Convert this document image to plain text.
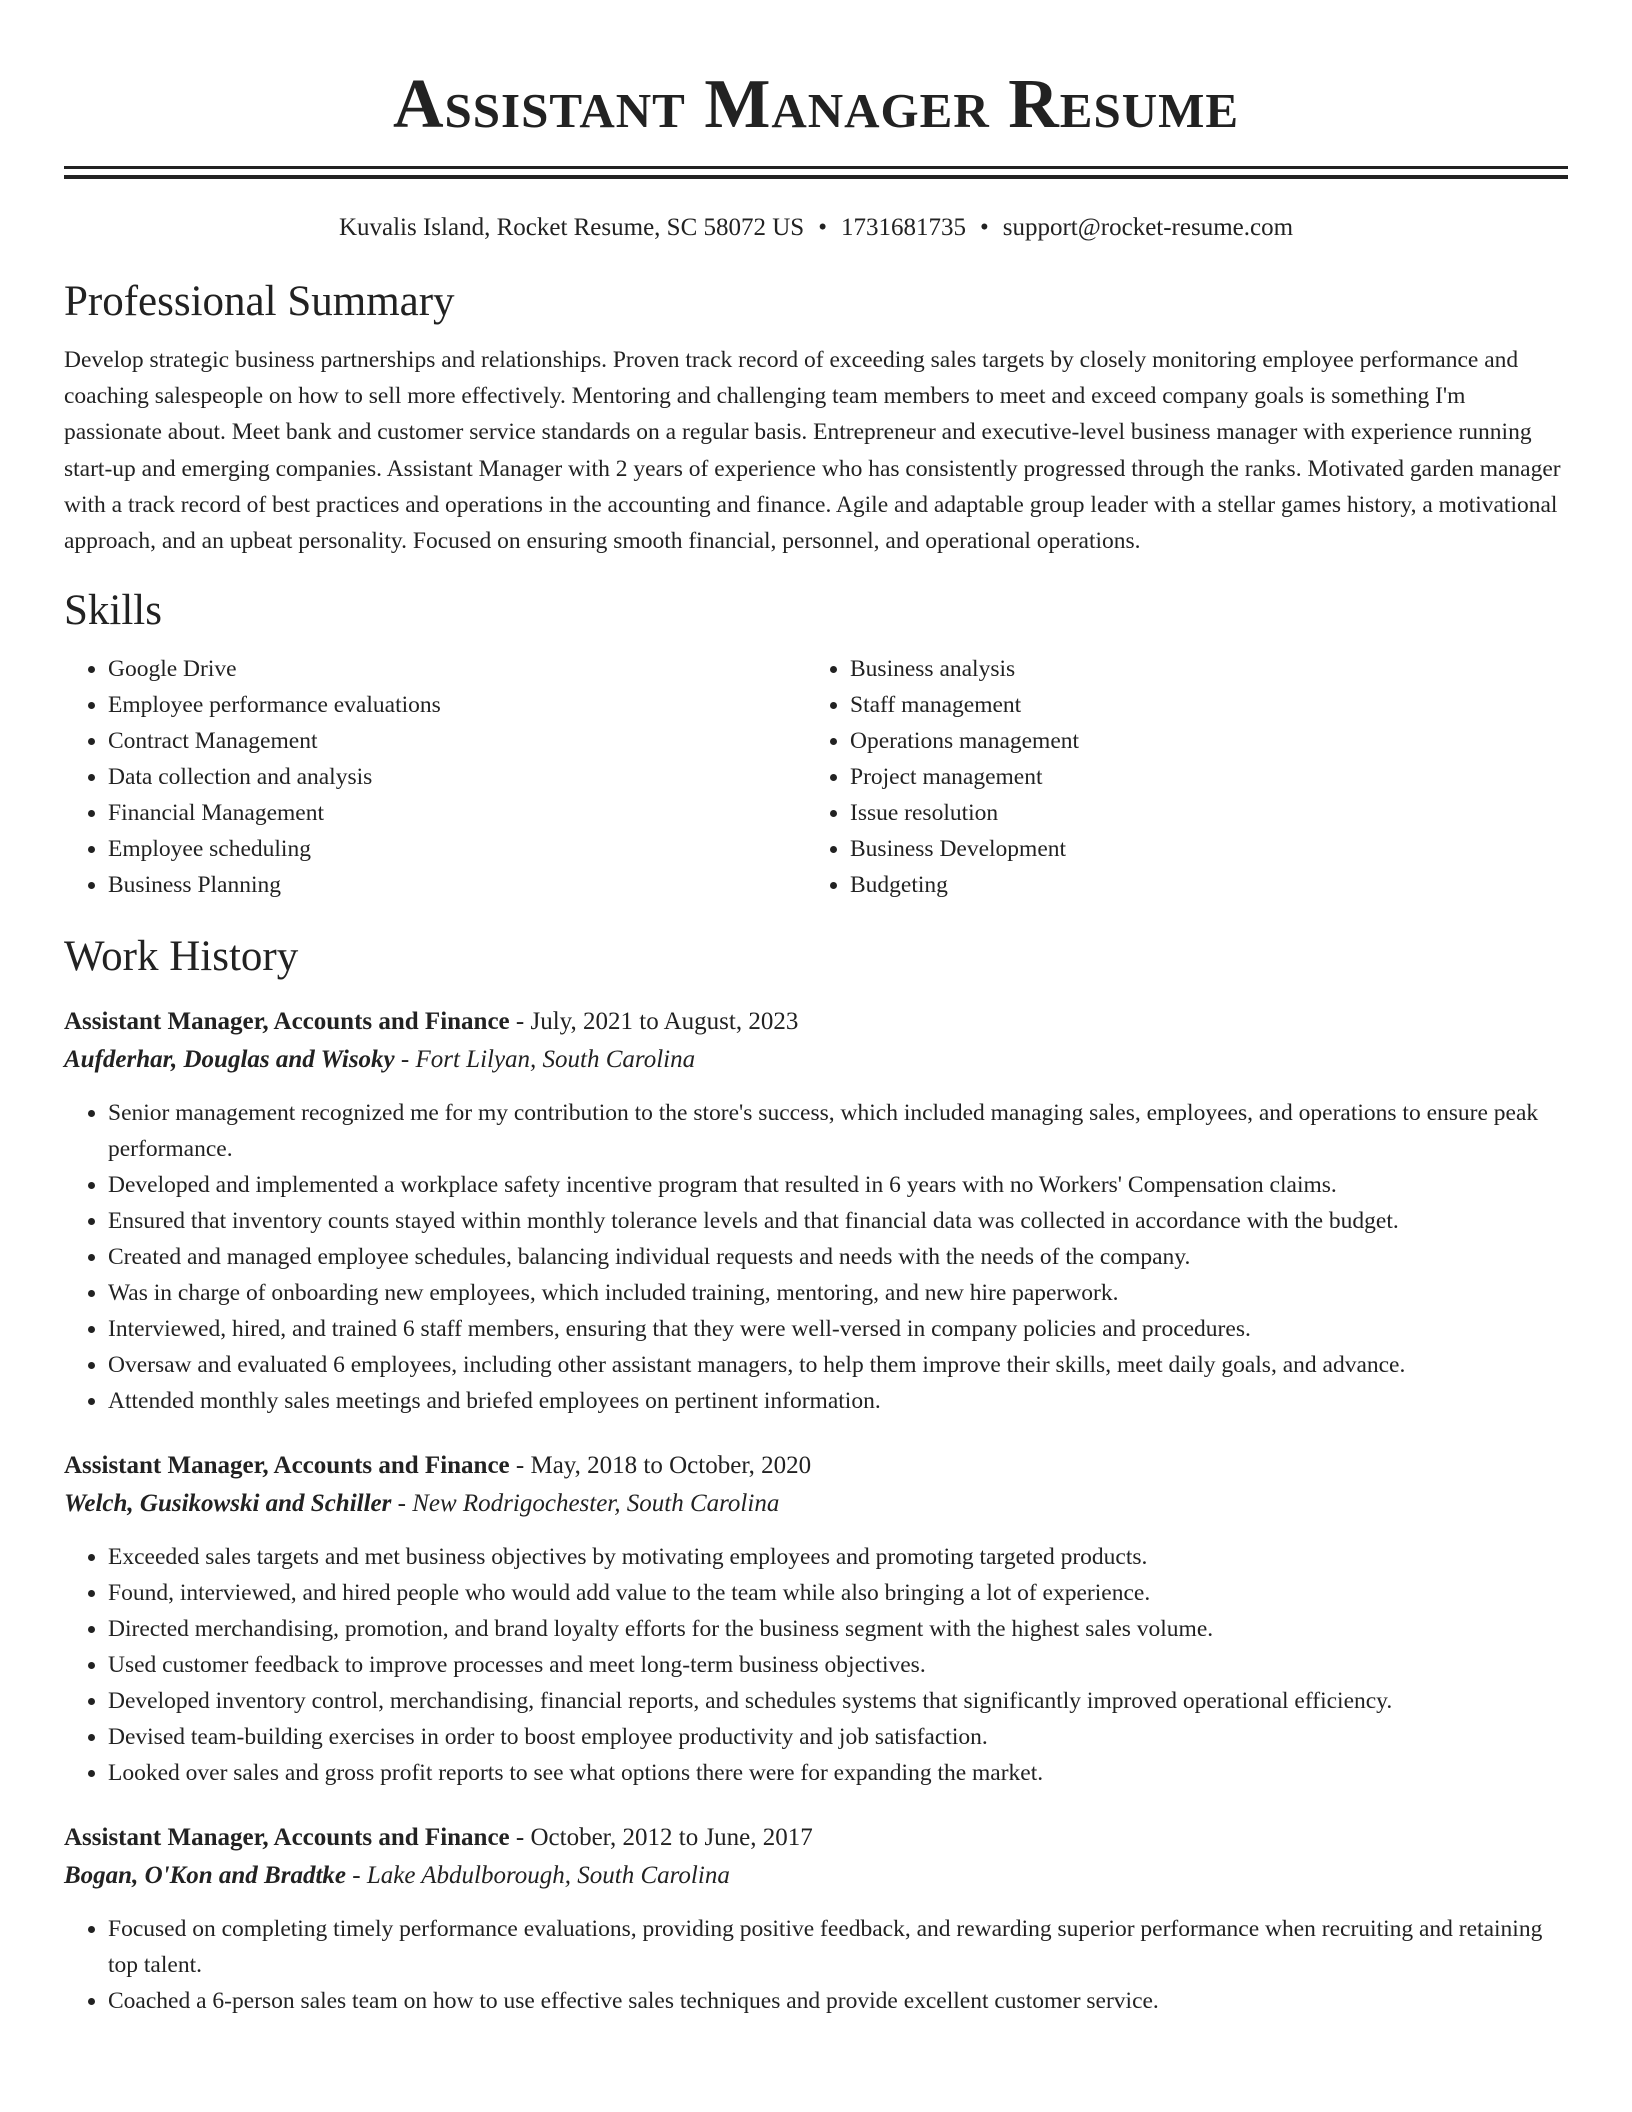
Assistant Manager Resume
Kuvalis Island, Rocket Resume, SC 58072 US • 1731681735 • support@rocket-resume.com
Professional Summary
Develop strategic business partnerships and relationships. Proven track record of exceeding sales targets by closely monitoring employee performance and coaching salespeople on how to sell more effectively. Mentoring and challenging team members to meet and exceed company goals is something I'm passionate about. Meet bank and customer service standards on a regular basis. Entrepreneur and executive-level business manager with experience running start-up and emerging companies. Assistant Manager with 2 years of experience who has consistently progressed through the ranks. Motivated garden manager with a track record of best practices and operations in the accounting and finance. Agile and adaptable group leader with a stellar games history, a motivational approach, and an upbeat personality. Focused on ensuring smooth financial, personnel, and operational operations.
Skills
• Google Drive
• Employee performance evaluations
• Contract Management
• Data collection and analysis
• Financial Management
• Employee scheduling
• Business Planning
• Business analysis
• Staff management
• Operations management
• Project management
• Issue resolution
• Business Development
• Budgeting
Work History
Assistant Manager, Accounts and Finance - July, 2021 to August, 2023
Aufderhar, Douglas and Wisoky - Fort Lilyan, South Carolina
• Senior management recognized me for my contribution to the store's success, which included managing sales, employees, and operations to ensure peak performance.
• Developed and implemented a workplace safety incentive program that resulted in 6 years with no Workers' Compensation claims.
• Ensured that inventory counts stayed within monthly tolerance levels and that financial data was collected in accordance with the budget.
• Created and managed employee schedules, balancing individual requests and needs with the needs of the company.
• Was in charge of onboarding new employees, which included training, mentoring, and new hire paperwork.
• Interviewed, hired, and trained 6 staff members, ensuring that they were well-versed in company policies and procedures.
• Oversaw and evaluated 6 employees, including other assistant managers, to help them improve their skills, meet daily goals, and advance.
• Attended monthly sales meetings and briefed employees on pertinent information.
Assistant Manager, Accounts and Finance - May, 2018 to October, 2020
Welch, Gusikowski and Schiller - New Rodrigochester, South Carolina
• Exceeded sales targets and met business objectives by motivating employees and promoting targeted products.
• Found, interviewed, and hired people who would add value to the team while also bringing a lot of experience.
• Directed merchandising, promotion, and brand loyalty efforts for the business segment with the highest sales volume.
• Used customer feedback to improve processes and meet long-term business objectives.
• Developed inventory control, merchandising, financial reports, and schedules systems that significantly improved operational efficiency.
• Devised team-building exercises in order to boost employee productivity and job satisfaction.
• Looked over sales and gross profit reports to see what options there were for expanding the market.
Assistant Manager, Accounts and Finance - October, 2012 to June, 2017
Bogan, O'Kon and Bradtke - Lake Abdulborough, South Carolina
• Focused on completing timely performance evaluations, providing positive feedback, and rewarding superior performance when recruiting and retaining top talent.
• Coached a 6-person sales team on how to use effective sales techniques and provide excellent customer service.
